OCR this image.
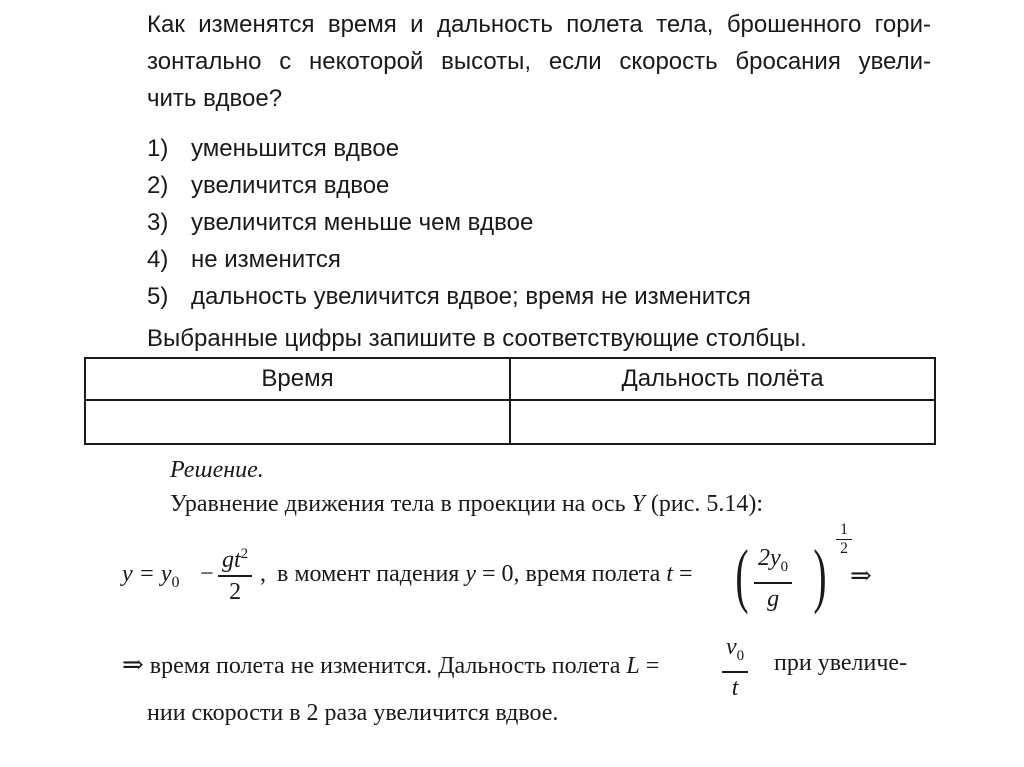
Как изменятся время и дальность полета тела, брошенного гори-
зонтально с некоторой высоты, если скорость бросания увели-
чить вдвое?
1) уменьшится вдвое
2) увеличится вдвое
3) увеличится меньше чем вдвое
4) не изменится
5) дальность увеличится вдвое; время не изменится
Выбранные цифры запишите в соответствующие столбцы.
Время	Дальность полёта

Решение.
Уравнение движения тела в проекции на ось Y (рис. 5.14):
$y = y_0 - \frac{gt^2}{2}$ , в момент падения y = 0, время полета t = ( $\frac{2y_0}{g}$ ) $\frac{1}{2}$
⇒
⇒ время полета не изменится. Дальность полета L =	$\frac{v_0}{t}$ при увеличе-
нии скорости в 2 раза увеличится вдвое.
